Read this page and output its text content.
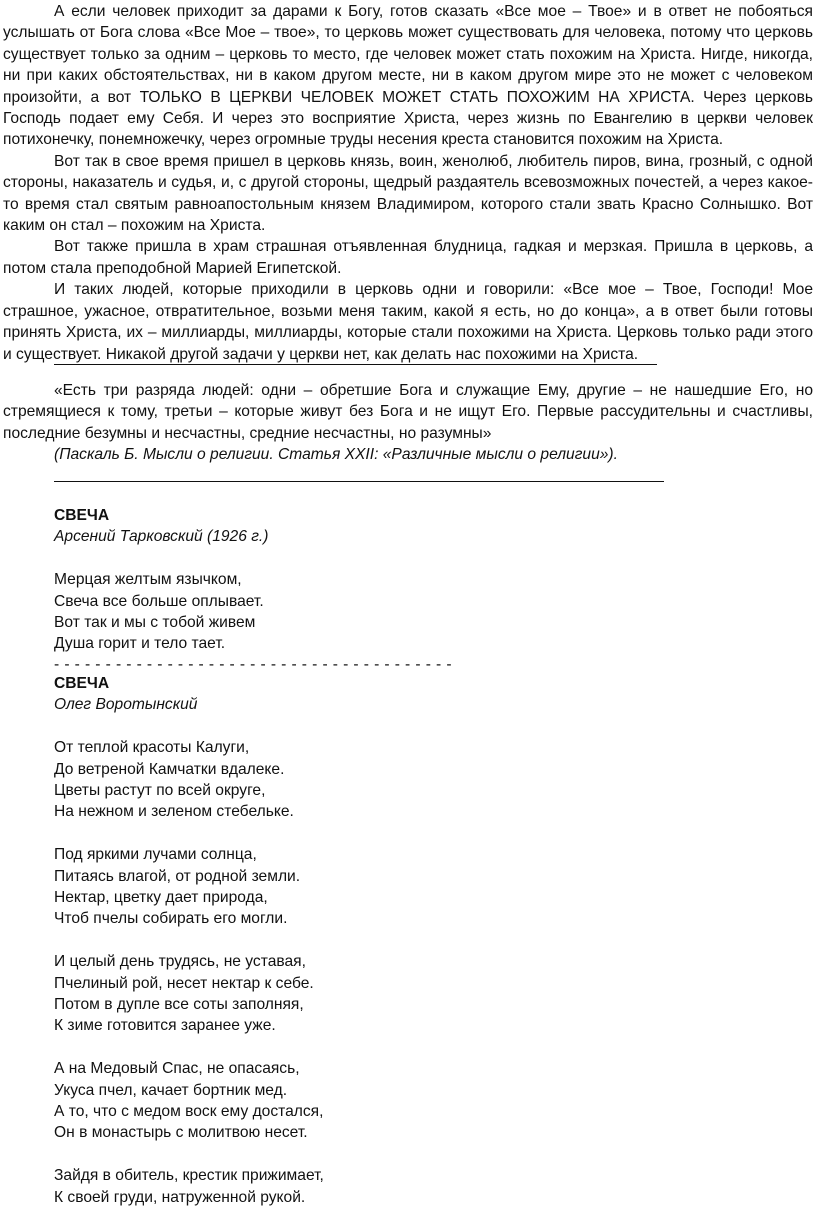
А если человек приходит за дарами к Богу, готов сказать «Все мое – Твое» и в ответ не побояться услышать от Бога слова «Все Мое – твое», то церковь может существовать для человека, потому что церковь существует только за одним – церковь то место, где человек может стать похожим на Христа. Нигде, никогда, ни при каких обстоятельствах, ни в каком другом месте, ни в каком другом мире это не может с человеком произойти, а вот ТОЛЬКО В ЦЕРКВИ ЧЕЛОВЕК МОЖЕТ СТАТЬ ПОХОЖИМ НА ХРИСТА. Через церковь Господь подает ему Себя. И через это восприятие Христа, через жизнь по Евангелию в церкви человек потихонечку, понемножечку, через огромные труды несения креста становится похожим на Христа.

Вот так в свое время пришел в церковь князь, воин, женолюб, любитель пиров, вина, грозный, с одной стороны, наказатель и судья, и, с другой стороны, щедрый раздаятель всевозможных почестей, а через какое-то время стал святым равноапостольным князем Владимиром, которого стали звать Красно Солнышко. Вот каким он стал – похожим на Христа.

Вот также пришла в храм страшная отъявленная блудница, гадкая и мерзкая. Пришла в церковь, а потом стала преподобной Марией Египетской.

И таких людей, которые приходили в церковь одни и говорили: «Все мое – Твое, Господи! Мое страшное, ужасное, отвратительное, возьми меня таким, какой я есть, но до конца», а в ответ были готовы принять Христа, их – миллиарды, миллиарды, которые стали похожими на Христа. Церковь только ради этого и существует. Никакой другой задачи у церкви нет, как делать нас похожими на Христа.

«Есть три разряда людей: одни – обретшие Бога и служащие Ему, другие – не нашедшие Его, но стремящиеся к тому, третьи – которые живут без Бога и не ищут Его. Первые рассудительны и счастливы, последние безумны и несчастны, средние несчастны, но разумны»

(Паскаль Б. Мысли о религии. Статья XXII: «Различные мысли о религии»).

СВЕЧА

Арсений Тарковский (1926 г.)

Мерцая желтым язычком,

Свеча все больше оплывает.

Вот так и мы с тобой живем

Душа горит и тело тает.

- - - - - - - - - - - - - - - - - - - - - - - - - - - - - - - - - - - - - - -

СВЕЧА

Олег Воротынский

От теплой красоты Калуги,

До ветреной Камчатки вдалеке.

Цветы растут по всей округе,

На нежном и зеленом стебельке.

Под яркими лучами солнца,

Питаясь влагой, от родной земли.

Нектар, цветку дает природа,

Чтоб пчелы собирать его могли.

И целый день трудясь, не уставая,

Пчелиный рой, несет нектар к себе.

Потом в дупле все соты заполняя,

К зиме готовится заранее уже.

А на Медовый Спас, не опасаясь,

Укуса пчел, качает бортник мед.

А то, что с медом воск ему достался,

Он в монастырь с молитвою несет.

Зайдя в обитель, крестик прижимает,

К своей груди, натруженной рукой.
